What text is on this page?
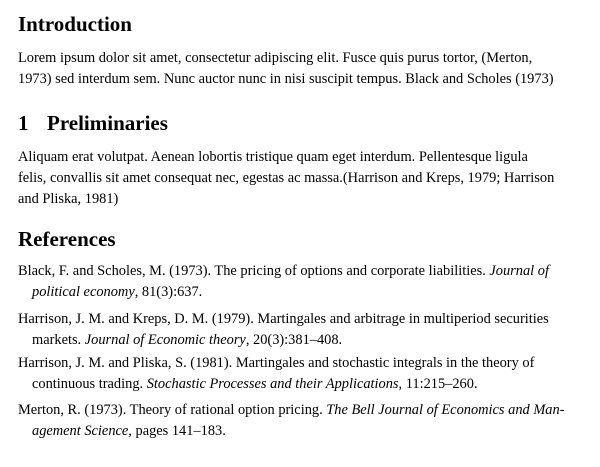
Introduction

Lorem ipsum dolor sit amet, consectetur adipiscing elit. Fusce quis purus tortor, (Merton,
1973) sed interdum sem. Nunc auctor nunc in nisi suscipit tempus. Black and Scholes (1973)

1 Preliminaries

Aliquam erat volutpat. Aenean lobortis tristique quam eget interdum. Pellentesque ligula
felis, convallis sit amet consequat nec, egestas ac massa.(Harrison and Kreps, 1979; Harrison
and Pliska, 1981)

References
Black, F. and Scholes, M. (1973). The pricing of options and corporate liabilities. Journal of
political economy, 81(3):637.
Harrison, J. M. and Kreps, D. M. (1979). Martingales and arbitrage in multiperiod securities
markets. Journal of Economic theory, 20(3):381–408.
Harrison, J. M. and Pliska, S. (1981). Martingales and stochastic integrals in the theory of
continuous trading. Stochastic Processes and their Applications, 11:215–260.
Merton, R. (1973). Theory of rational option pricing. The Bell Journal of Economics and Man-
agement Science, pages 141–183.
